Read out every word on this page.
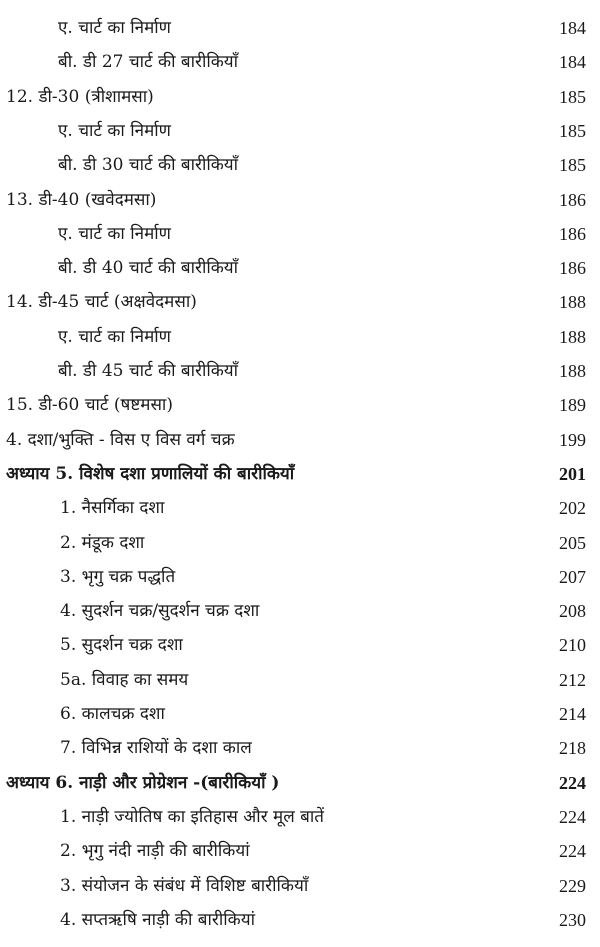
ए. चार्ट का निर्माण	184
बी. डी 27 चार्ट की बारीकियाँ	184
12. डी-30 (त्रीशामसा)	185
ए. चार्ट का निर्माण	185
बी. डी 30 चार्ट की बारीकियाँ	185
13. डी-40 (खवेदमसा)	186
ए. चार्ट का निर्माण	186
बी. डी 40 चार्ट की बारीकियाँ	186
14. डी-45 चार्ट (अक्षवेदमसा)	188
ए. चार्ट का निर्माण	188
बी. डी 45 चार्ट की बारीकियाँ	188
15. डी-60 चार्ट (षष्टमसा)	189
4. दशा/भुक्ति - विस ए विस वर्ग चक्र	199
अध्याय 5. विशेष दशा प्रणालियों की बारीकियाँ	201
1. नैसर्गिका दशा	202
2. मंडूक दशा	205
3. भृगु चक्र पद्धति	207
4. सुदर्शन चक्र/सुदर्शन चक्र दशा	208
5. सुदर्शन चक्र दशा	210
5a. विवाह का समय	212
6. कालचक्र दशा	214
7. विभिन्न राशियों के दशा काल	218
अध्याय 6. नाड़ी और प्रोग्रेशन -(बारीकियाँ )	224
1. नाड़ी ज्योतिष का इतिहास और मूल बातें	224
2. भृगु नंदी नाड़ी की बारीकियां	224
3. संयोजन के संबंध में विशिष्ट बारीकियाँ	229
4. सप्तऋषि नाड़ी की बारीकियां	230
